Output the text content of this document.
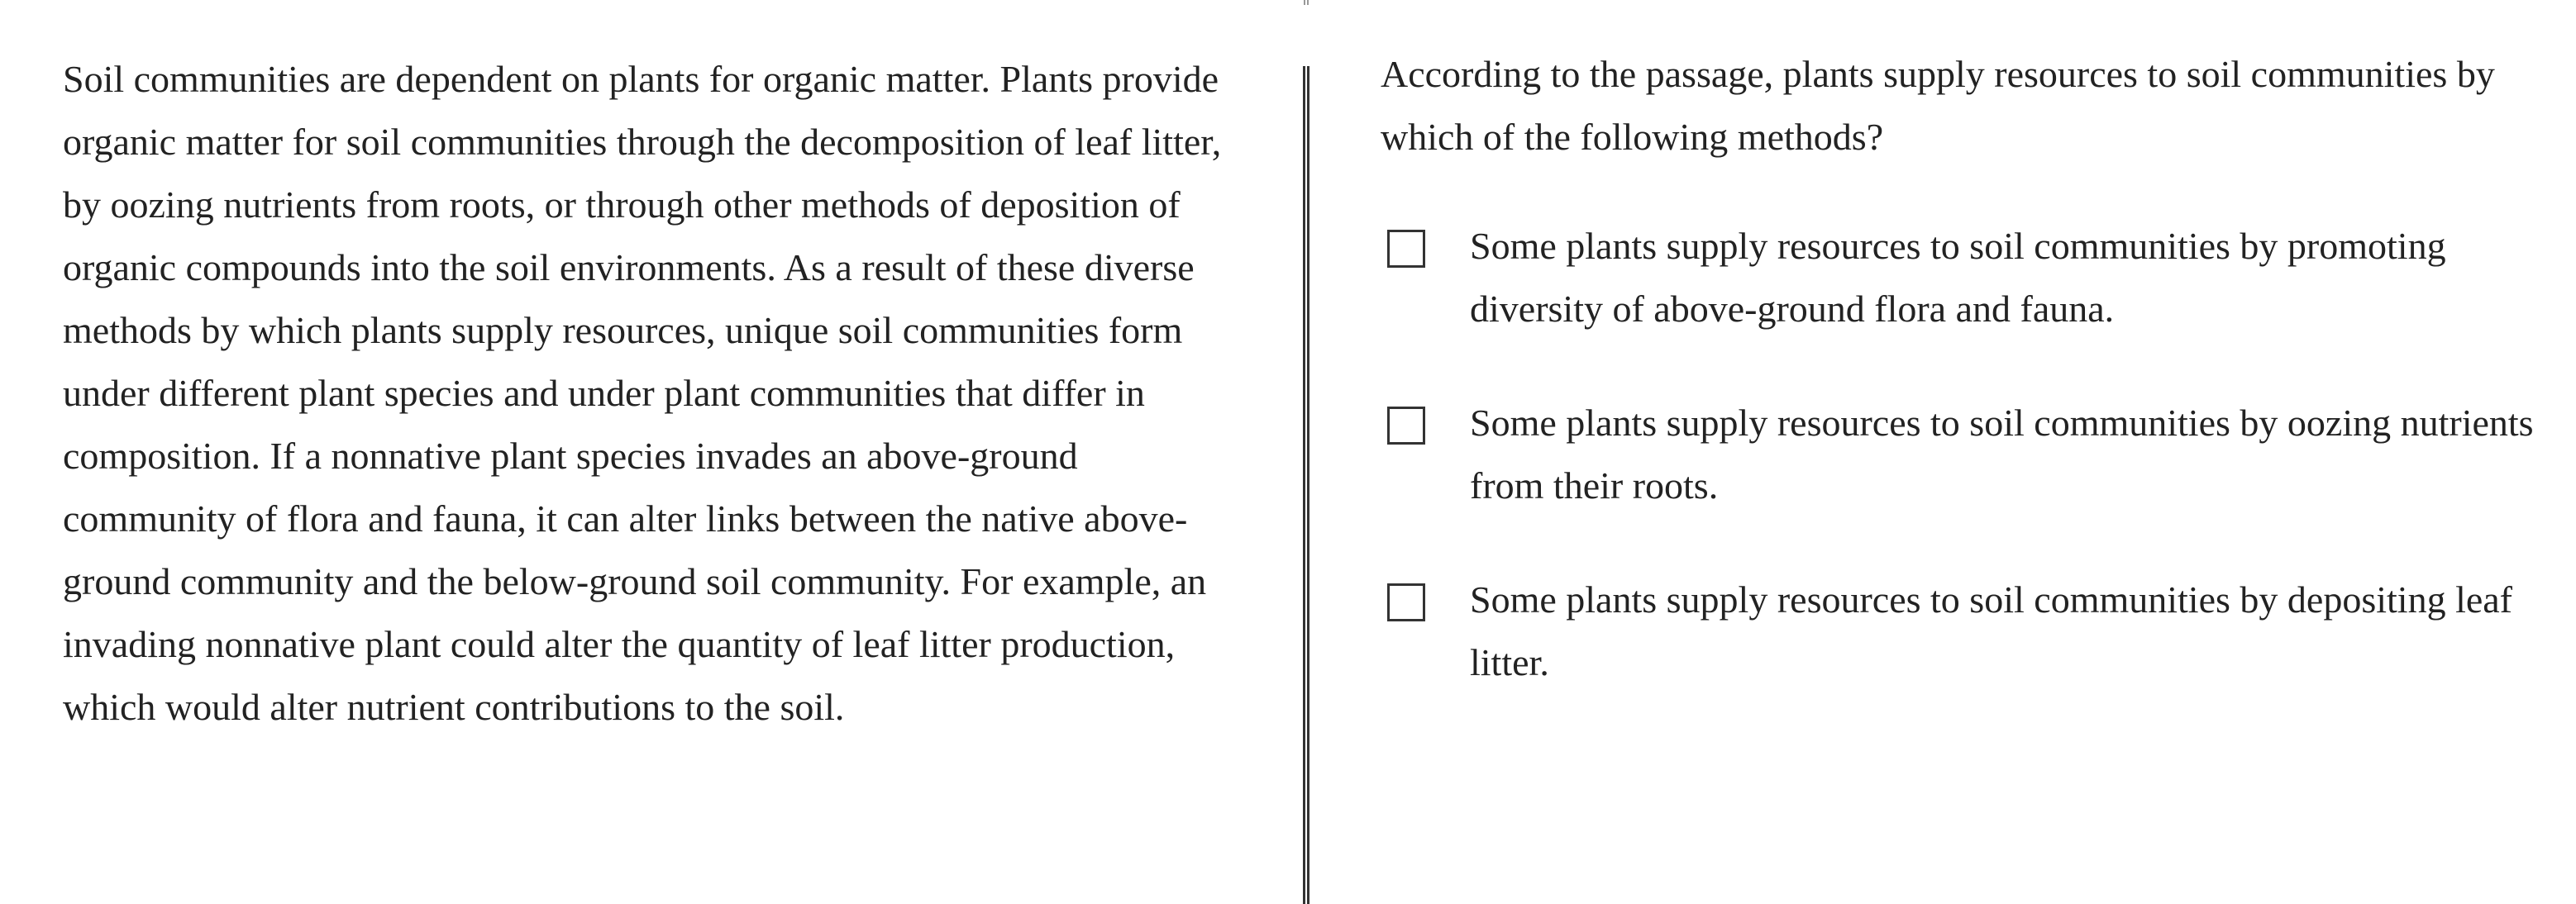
Soil communities are dependent on plants for organic matter. Plants provide organic matter for soil communities through the decomposition of leaf litter, by oozing nutrients from roots, or through other methods of deposition of organic compounds into the soil environments. As a result of these diverse methods by which plants supply resources, unique soil communities form under different plant species and under plant communities that differ in composition. If a nonnative plant species invades an above-ground community of flora and fauna, it can alter links between the native above-ground community and the below-ground soil community. For example, an invading nonnative plant could alter the quantity of leaf litter production, which would alter nutrient contributions to the soil.

According to the passage, plants supply resources to soil communities by which of the following methods?

Some plants supply resources to soil communities by promoting diversity of above-ground flora and fauna.
Some plants supply resources to soil communities by oozing nutrients from their roots.
Some plants supply resources to soil communities by depositing leaf litter.
